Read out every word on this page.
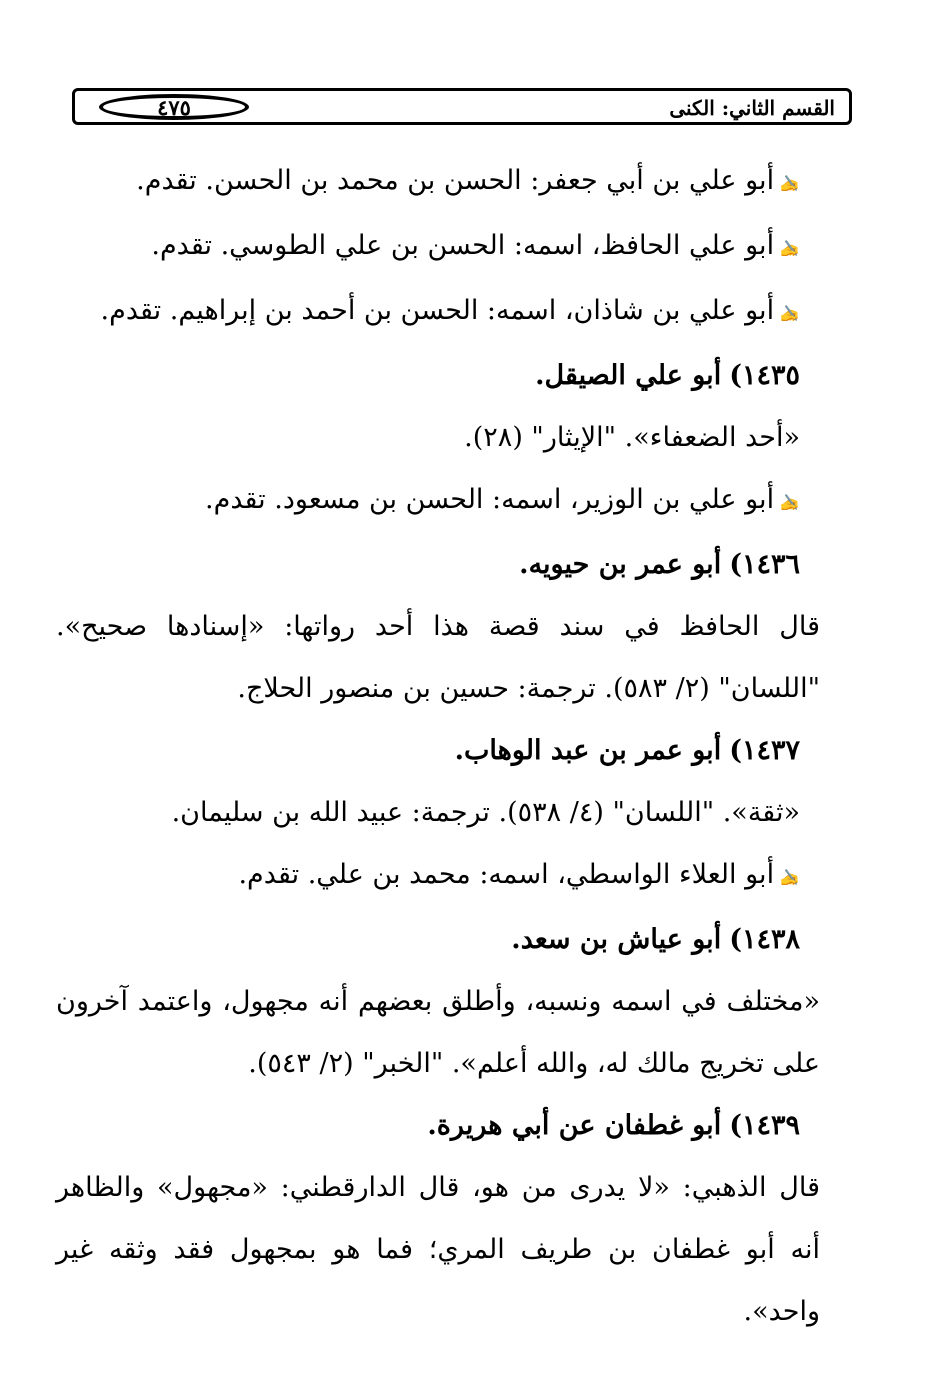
القسم الثاني: الكنى
٤٧٥

✍أبو علي بن أبي جعفر: الحسن بن محمد بن الحسن. تقدم.

✍أبو علي الحافظ، اسمه: الحسن بن علي الطوسي. تقدم.

✍أبو علي بن شاذان، اسمه: الحسن بن أحمد بن إبراهيم. تقدم.

١٤٣٥)أبو علي الصيقل.

«أحد الضعفاء». "الإيثار" (٢٨).

✍أبو علي بن الوزير، اسمه: الحسن بن مسعود. تقدم.

١٤٣٦)أبو عمر بن حيويه.

قال الحافظ في سند قصة هذا أحد رواتها: «إسنادها صحيح». "اللسان" (٢/ ٥٨٣). ترجمة: حسين بن منصور الحلاج.

١٤٣٧)أبو عمر بن عبد الوهاب.

«ثقة». "اللسان" (٤/ ٥٣٨). ترجمة: عبيد الله بن سليمان.

✍أبو العلاء الواسطي، اسمه: محمد بن علي. تقدم.

١٤٣٨)أبو عياش بن سعد.

«مختلف في اسمه ونسبه، وأطلق بعضهم أنه مجهول، واعتمد آخرون على تخريج مالك له، والله أعلم». "الخبر" (٢/ ٥٤٣).

١٤٣٩)أبو غطفان عن أبي هريرة.

قال الذهبي: «لا يدرى من هو، قال الدارقطني: «مجهول» والظاهر أنه أبو غطفان بن طريف المري؛ فما هو بمجهول فقد وثقه غير واحد».
